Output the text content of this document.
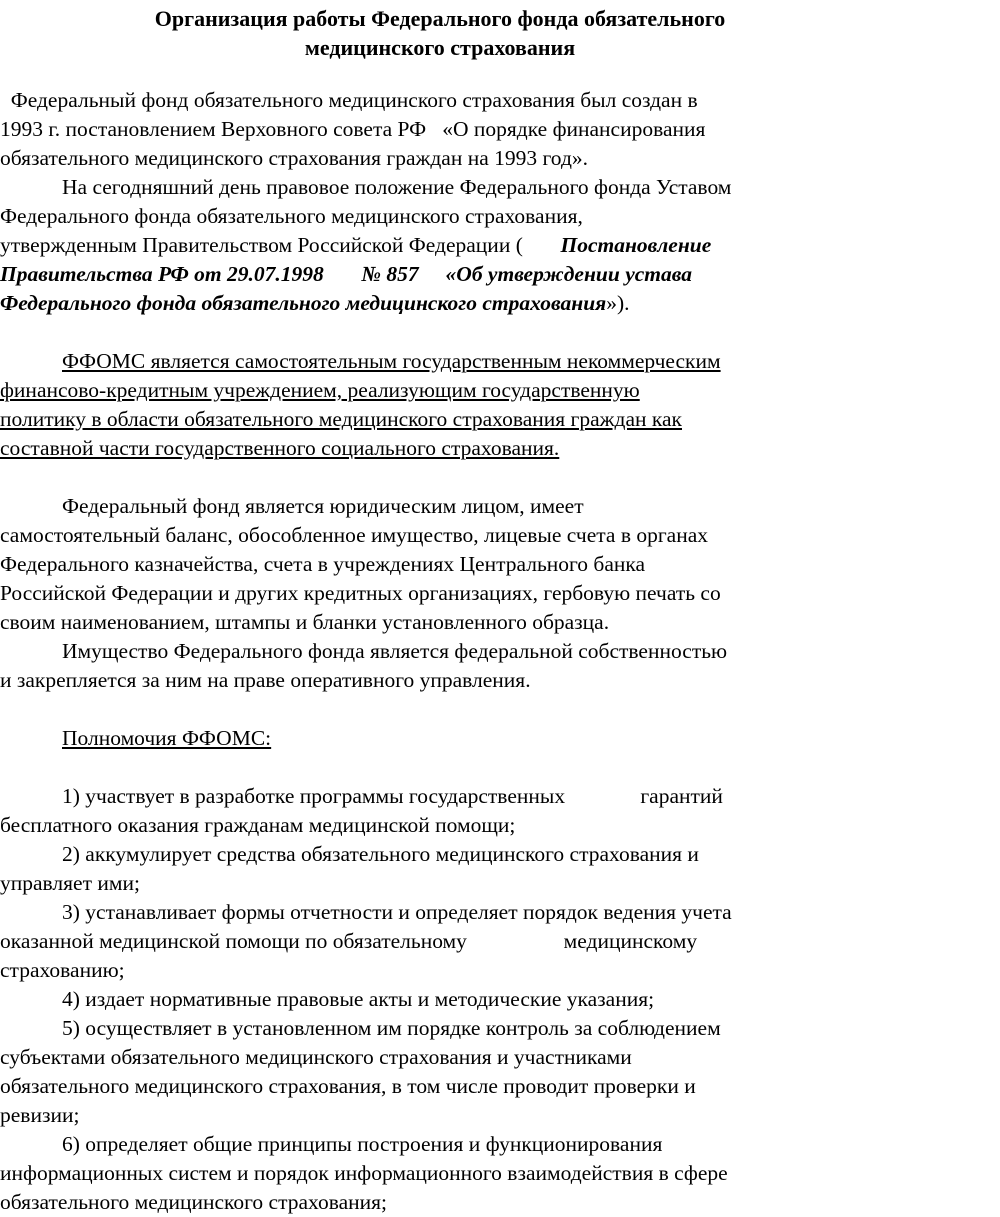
Организация работы Федерального фонда обязательного
медицинского страхования
Федеральный фонд обязательного медицинского страхования был создан в
1993 г. постановлением Верховного совета РФ   «О порядке финансирования
обязательного медицинского страхования граждан на 1993 год».
На сегодняшний день правовое положение Федерального фонда Уставом
Федерального фонда обязательного медицинского страхования,
утвержденным Правительством Российской Федерации (       Постановление
Правительства РФ от 29.07.1998       № 857     «Об утверждении устава
Федерального фонда обязательного медицинского страхования»).
ФФОМС является самостоятельным государственным некоммерческим
финансово-кредитным учреждением, реализующим государственную
политику в области обязательного медицинского страхования граждан как
составной части государственного социального страхования.
Федеральный фонд является юридическим лицом, имеет
самостоятельный баланс, обособленное имущество, лицевые счета в органах
Федерального казначейства, счета в учреждениях Центрального банка
Российской Федерации и других кредитных организациях, гербовую печать со
своим наименованием, штампы и бланки установленного образца.
Имущество Федерального фонда является федеральной собственностью
и закрепляется за ним на праве оперативного управления.
Полномочия ФФОМС:
1) участвует в разработке программы государственных              гарантий
бесплатного оказания гражданам медицинской помощи;
2) аккумулирует средства обязательного медицинского страхования и
управляет ими;
3) устанавливает формы отчетности и определяет порядок ведения учета
оказанной медицинской помощи по обязательному                  медицинскому
страхованию;
4) издает нормативные правовые акты и методические указания;
5) осуществляет в установленном им порядке контроль за соблюдением
субъектами обязательного медицинского страхования и участниками
обязательного медицинского страхования, в том числе проводит проверки и
ревизии;
6) определяет общие принципы построения и функционирования
информационных систем и порядок информационного взаимодействия в сфере
обязательного медицинского страхования;
